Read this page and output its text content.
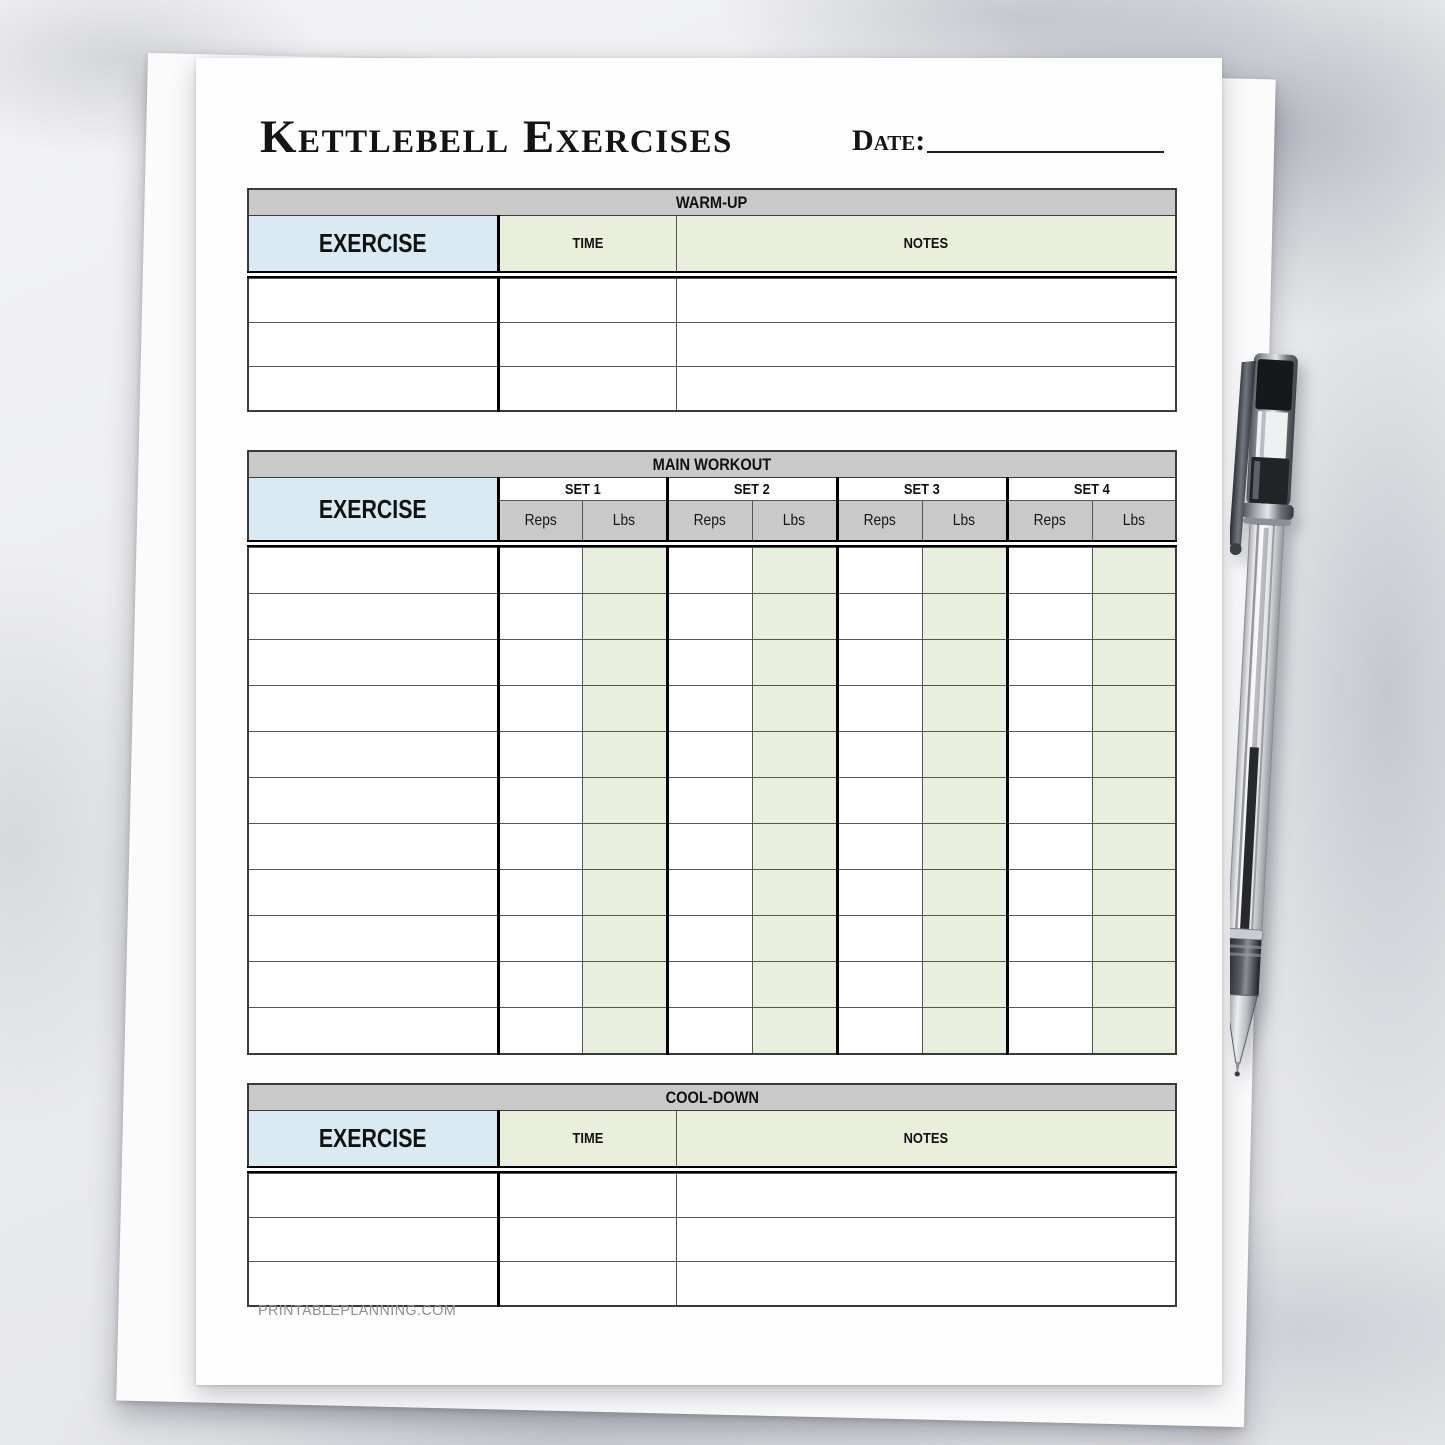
Kettlebell Exercises	Date:
WARM-UP		
EXERCISE	TIME	NOTES

MAIN WORKOUT								
EXERCISE	SET 1		SET 2		SET 3		SET 4	
	Reps	Lbs	Reps	Lbs	Reps	Lbs	Reps	Lbs

COOL-DOWN		
EXERCISE	TIME	NOTES

PRINTABLEPLANNING.COM
